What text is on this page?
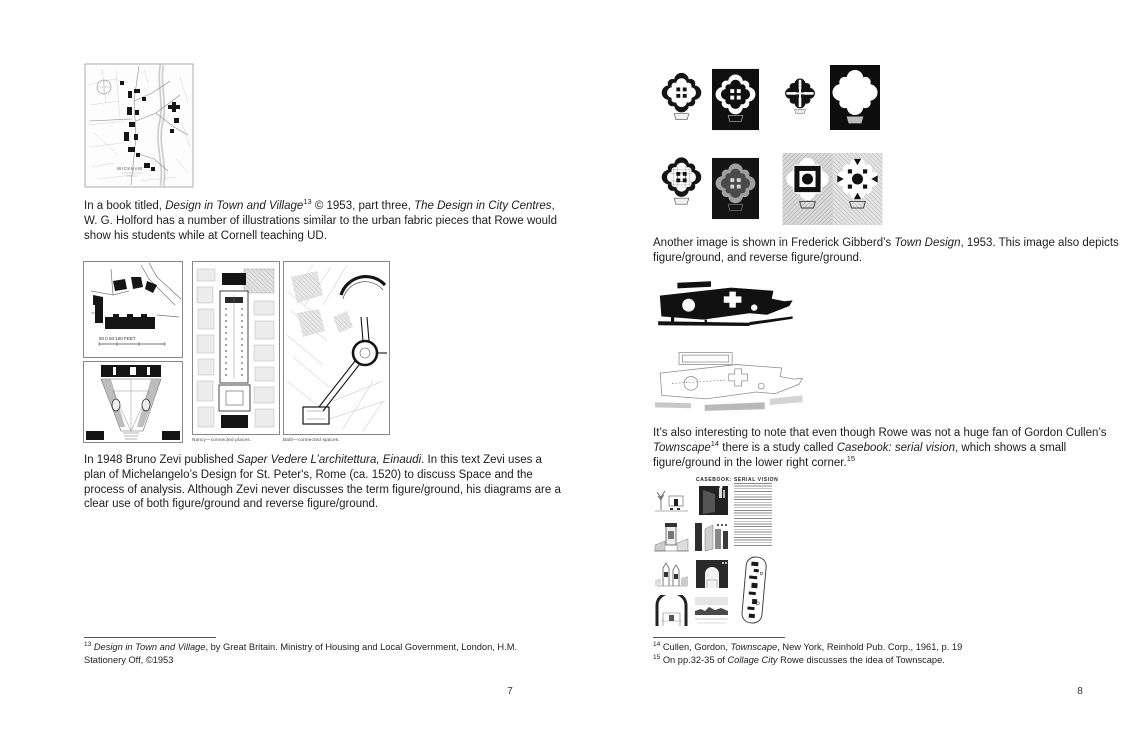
WICKHAM

In a book titled, Design in Town and Village$^{13}$ © 1953, part three, The Design in City Centres, W. G. Holford has a number of illustrations similar to the urban fabric pieces that Rowe would show his students while at Cornell teaching UD.

50 0 50 100 FEET
Nancy—connected places.	Bath—connected spaces.

In 1948 Bruno Zevi published Saper Vedere L’architettura, Einaudi. In this text Zevi uses a plan of Michelangelo’s Design for St. Peter's, Rome (ca. 1520) to discuss Space and the process of analysis. Although Zevi never discusses the term figure/ground, his diagrams are a clear use of both figure/ground and reverse figure/ground.

$^{13}$ Design in Town and Village, by Great Britain. Ministry of Housing and Local Government, London, H.M. Stationery Off, ©1953

7

Another image is shown in Frederick Gibberd’s Town Design, 1953. This image also depicts figure/ground, and reverse figure/ground.

It’s also interesting to note that even though Rowe was not a huge fan of Gordon Cullen’s Townscape$^{14}$ there is a study called Casebook: serial vision, which shows a small figure/ground in the lower right corner.$^{15}$

CASEBOOK: SERIAL VISION

$^{14}$ Cullen, Gordon, Townscape, New York, Reinhold Pub. Corp., 1961, p. 19

$^{15}$ On pp.32-35 of Collage City Rowe discusses the idea of Townscape.

8
